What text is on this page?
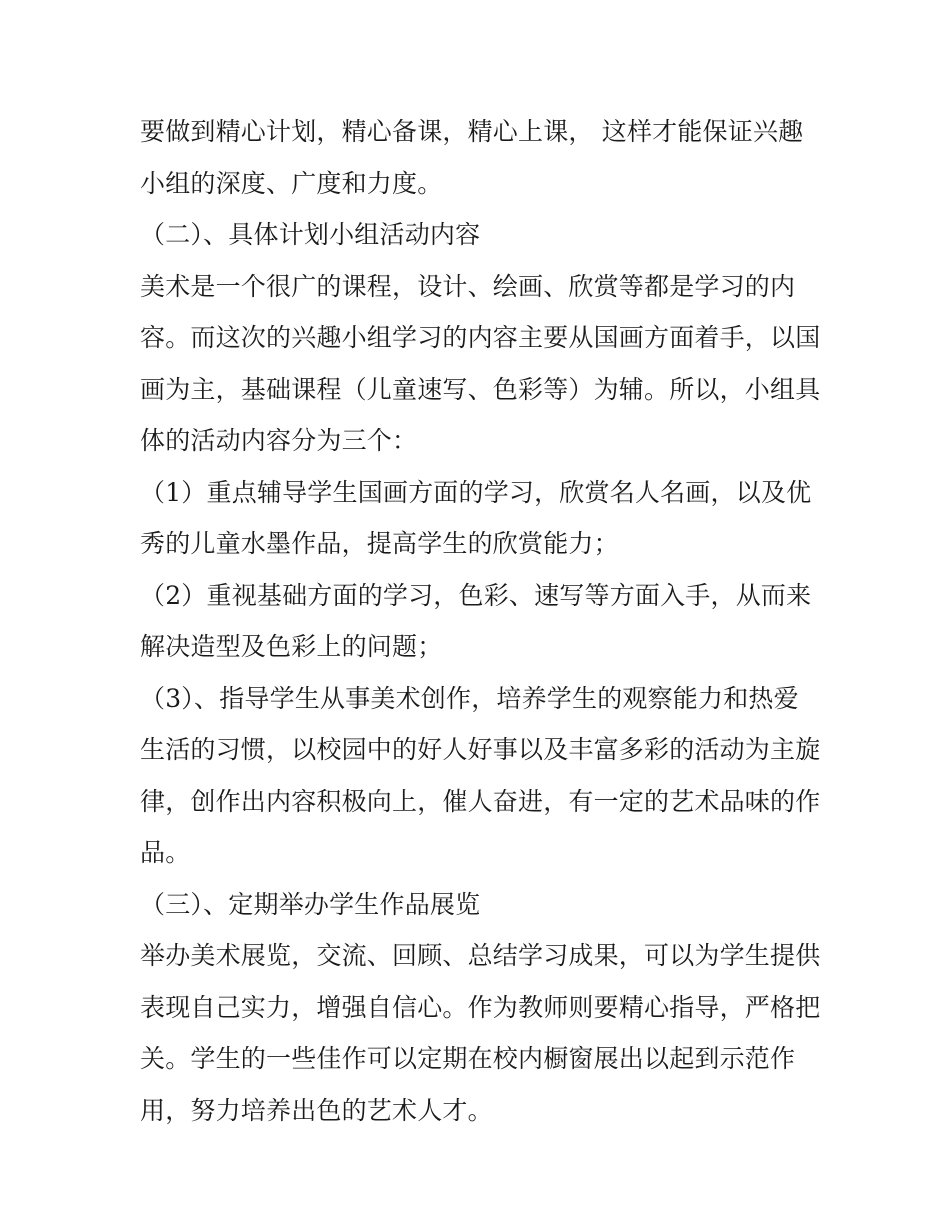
要做到精心计划，精心备课，精心上课， 这样才能保证兴趣
小组的深度、广度和力度。
（二）、具体计划小组活动内容
美术是一个很广的课程，设计、绘画、欣赏等都是学习的内
容。而这次的兴趣小组学习的内容主要从国画方面着手，以国
画为主，基础课程（儿童速写、色彩等）为辅。所以，小组具
体的活动内容分为三个：
（1）重点辅导学生国画方面的学习，欣赏名人名画，以及优
秀的儿童水墨作品，提高学生的欣赏能力；
（2）重视基础方面的学习，色彩、速写等方面入手，从而来
解决造型及色彩上的问题；
（3）、指导学生从事美术创作，培养学生的观察能力和热爱
生活的习惯，以校园中的好人好事以及丰富多彩的活动为主旋
律，创作出内容积极向上，催人奋进，有一定的艺术品味的作
品。
（三）、定期举办学生作品展览
举办美术展览，交流、回顾、总结学习成果，可以为学生提供
表现自己实力，增强自信心。作为教师则要精心指导，严格把
关。学生的一些佳作可以定期在校内橱窗展出以起到示范作
用，努力培养出色的艺术人才。
